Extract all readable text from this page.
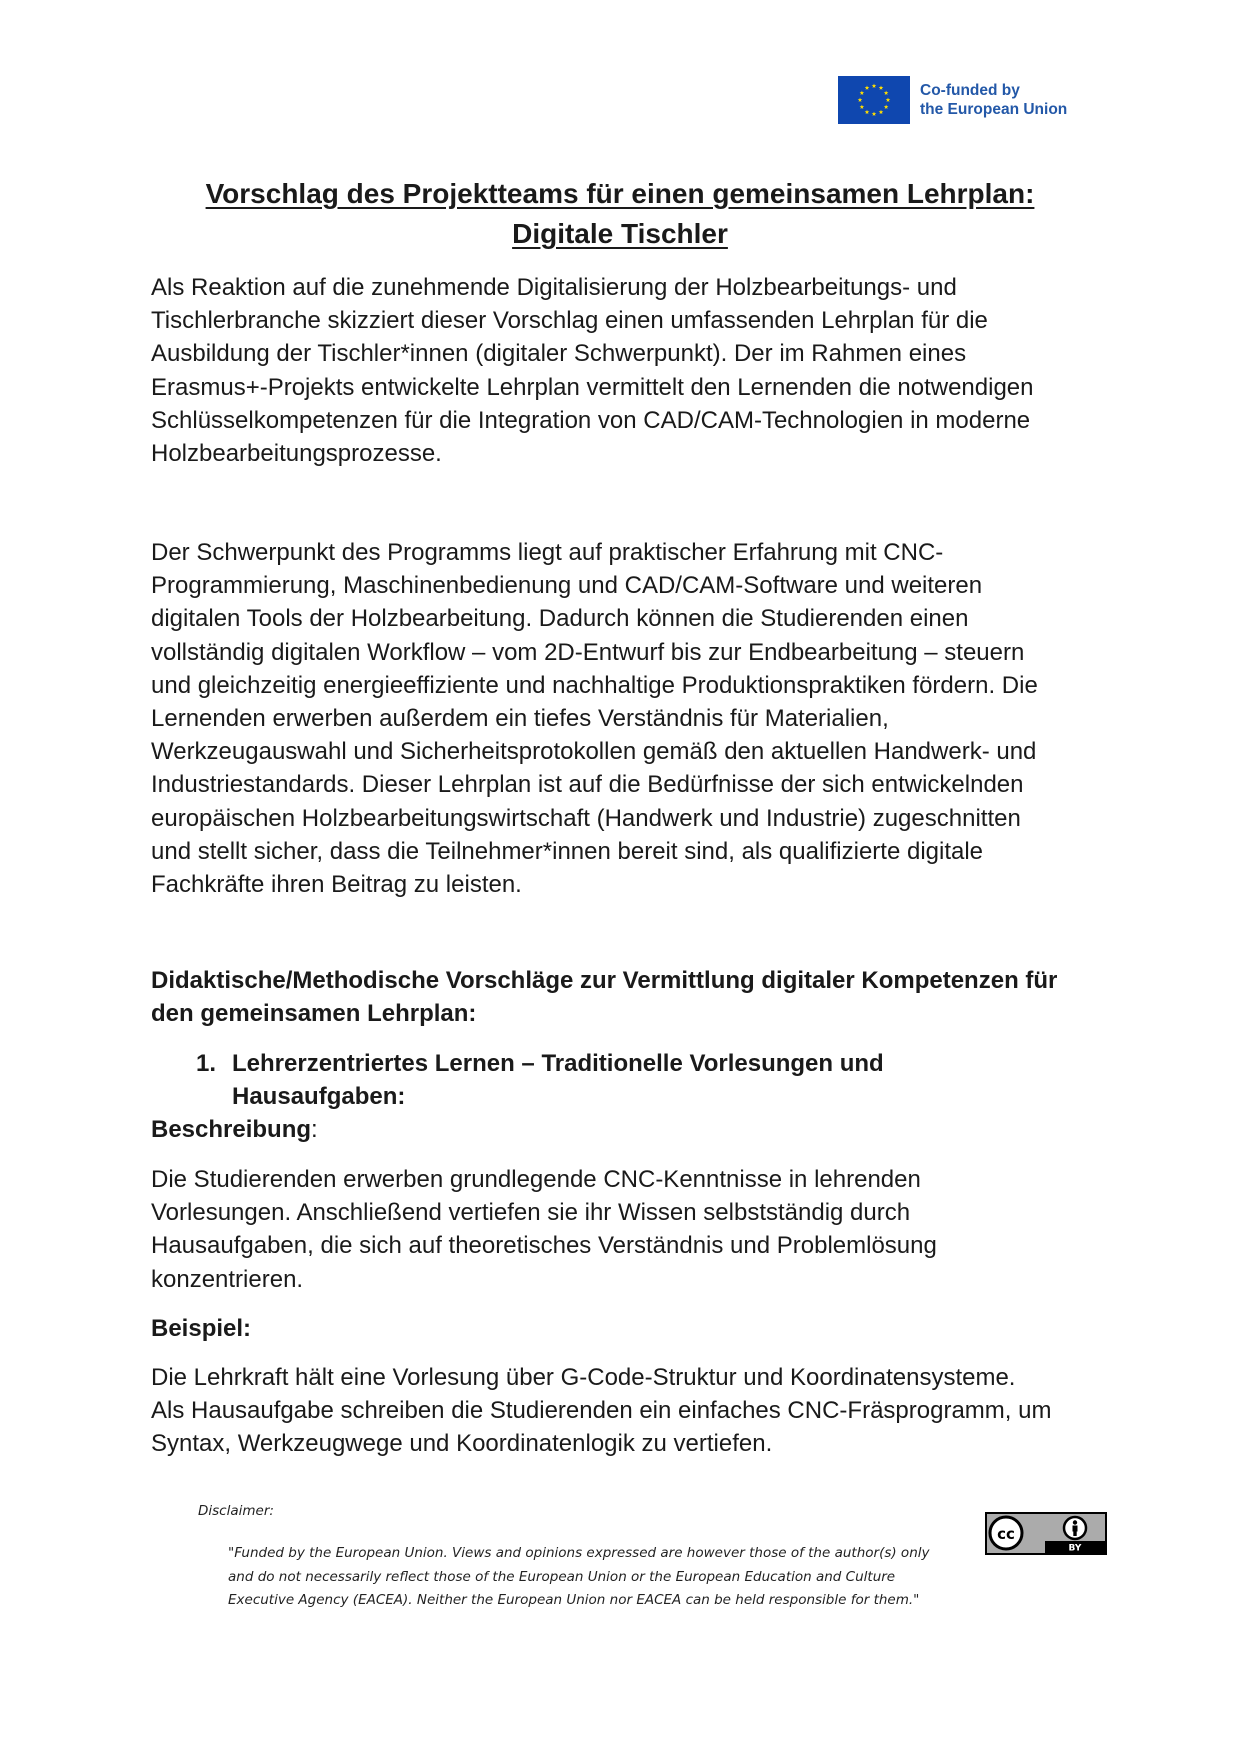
Co-funded by
the European Union
Vorschlag des Projektteams für einen gemeinsamen Lehrplan:
Digitale Tischler

Als Reaktion auf die zunehmende Digitalisierung der Holzbearbeitungs- und
Tischlerbranche skizziert dieser Vorschlag einen umfassenden Lehrplan für die
Ausbildung der Tischler*innen (digitaler Schwerpunkt). Der im Rahmen eines
Erasmus+-Projekts entwickelte Lehrplan vermittelt den Lernenden die notwendigen
Schlüsselkompetenzen für die Integration von CAD/CAM-Technologien in moderne
Holzbearbeitungsprozesse.

Der Schwerpunkt des Programms liegt auf praktischer Erfahrung mit CNC-
Programmierung, Maschinenbedienung und CAD/CAM-Software und weiteren
digitalen Tools der Holzbearbeitung. Dadurch können die Studierenden einen
vollständig digitalen Workflow – vom 2D-Entwurf bis zur Endbearbeitung – steuern
und gleichzeitig energieeffiziente und nachhaltige Produktionspraktiken fördern. Die
Lernenden erwerben außerdem ein tiefes Verständnis für Materialien,
Werkzeugauswahl und Sicherheitsprotokollen gemäß den aktuellen Handwerk- und
Industriestandards. Dieser Lehrplan ist auf die Bedürfnisse der sich entwickelnden
europäischen Holzbearbeitungswirtschaft (Handwerk und Industrie) zugeschnitten
und stellt sicher, dass die Teilnehmer*innen bereit sind, als qualifizierte digitale
Fachkräfte ihren Beitrag zu leisten.

Didaktische/Methodische Vorschläge zur Vermittlung digitaler Kompetenzen für den gemeinsamen Lehrplan:
1. Lehrerzentriertes Lernen – Traditionelle Vorlesungen und Hausaufgaben:
Beschreibung:

Die Studierenden erwerben grundlegende CNC-Kenntnisse in lehrenden
Vorlesungen. Anschließend vertiefen sie ihr Wissen selbstständig durch
Hausaufgaben, die sich auf theoretisches Verständnis und Problemlösung
konzentrieren.

Beispiel:

Die Lehrkraft hält eine Vorlesung über G-Code-Struktur und Koordinatensysteme.
Als Hausaufgabe schreiben die Studierenden ein einfaches CNC-Fräsprogramm, um
Syntax, Werkzeugwege und Koordinatenlogik zu vertiefen.

Disclaimer:

"Funded by the European Union. Views and opinions expressed are however those of the author(s) only and do not necessarily reflect those of the European Union or the European Education and Culture Executive Agency (EACEA). Neither the European Union nor EACEA can be held responsible for them."

cc
BY
